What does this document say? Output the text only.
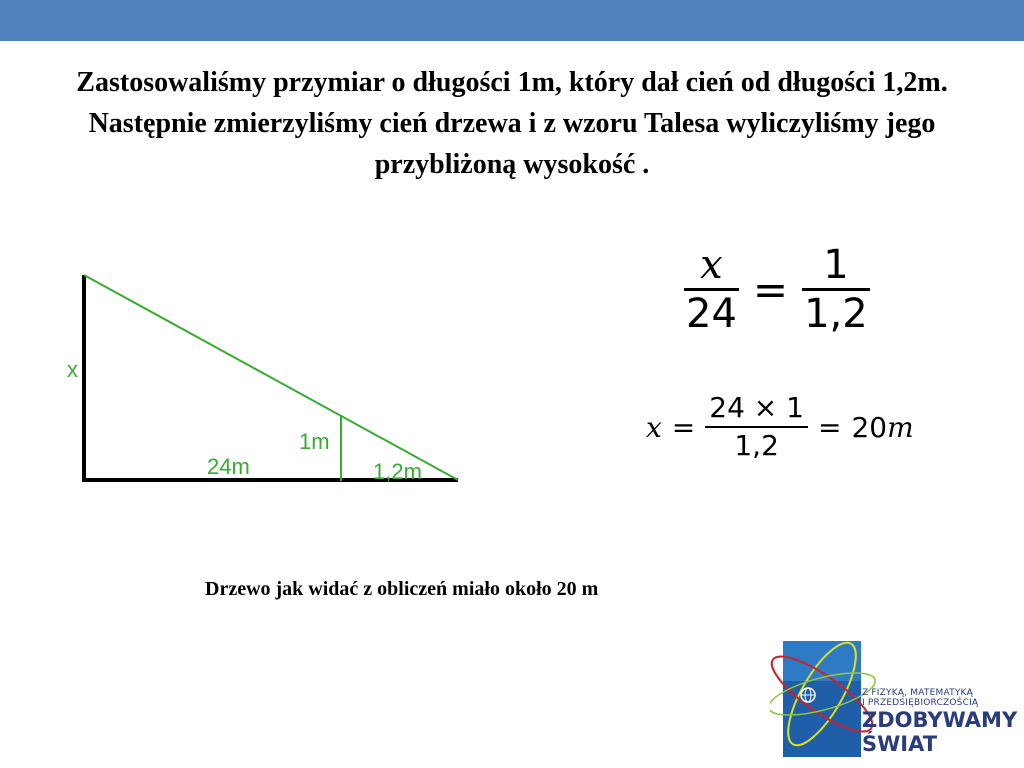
Zastosowaliśmy przymiar o długości 1m, który dał cień od długości 1,2m. Następnie zmierzyliśmy cień drzewa i z wzoru Talesa wyliczyliśmy jego przybliżoną wysokość .
x
1m
24m	1,2m
$\frac{x}{24} = \frac{1}{1,2}$
$x = \frac{24 \times 1}{1,2} = 20$ m
Drzewo jak widać z obliczeń miało około 20 m
Z FIZYKĄ, MATEMATYKĄ
I PRZEDSIĘBIORCZOŚCIĄ
ZDOBYWAMY
ŚWIAT
